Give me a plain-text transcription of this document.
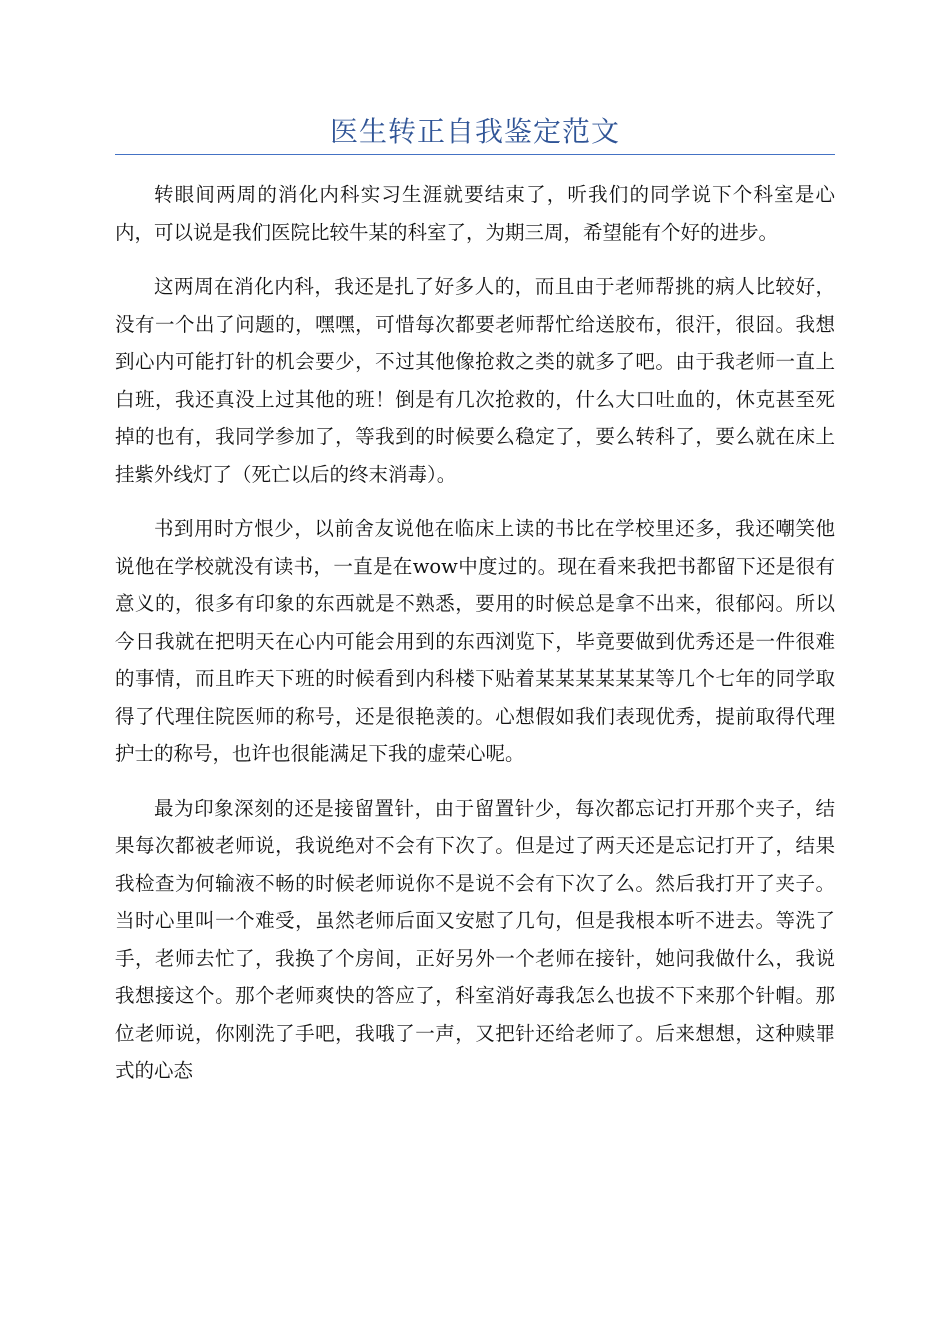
医生转正自我鉴定范文

转眼间两周的消化内科实习生涯就要结束了，听我们的同学说下个科室是心内，可以说是我们医院比较牛某的科室了，为期三周，希望能有个好的进步。

这两周在消化内科，我还是扎了好多人的，而且由于老师帮挑的病人比较好，没有一个出了问题的，嘿嘿，可惜每次都要老师帮忙给送胶布，很汗，很囧。我想到心内可能打针的机会要少，不过其他像抢救之类的就多了吧。由于我老师一直上白班，我还真没上过其他的班！倒是有几次抢救的，什么大口吐血的，休克甚至死掉的也有，我同学参加了，等我到的时候要么稳定了，要么转科了，要么就在床上挂紫外线灯了（死亡以后的终末消毒）。

书到用时方恨少，以前舍友说他在临床上读的书比在学校里还多，我还嘲笑他说他在学校就没有读书，一直是在wow中度过的。现在看来我把书都留下还是很有意义的，很多有印象的东西就是不熟悉，要用的时候总是拿不出来，很郁闷。所以今日我就在把明天在心内可能会用到的东西浏览下，毕竟要做到优秀还是一件很难的事情，而且昨天下班的时候看到内科楼下贴着某某某某某某等几个七年的同学取得了代理住院医师的称号，还是很艳羡的。心想假如我们表现优秀，提前取得代理护士的称号，也许也很能满足下我的虚荣心呢。

最为印象深刻的还是接留置针，由于留置针少，每次都忘记打开那个夹子，结果每次都被老师说，我说绝对不会有下次了。但是过了两天还是忘记打开了，结果我检查为何输液不畅的时候老师说你不是说不会有下次了么。然后我打开了夹子。当时心里叫一个难受，虽然老师后面又安慰了几句，但是我根本听不进去。等洗了手，老师去忙了，我换了个房间，正好另外一个老师在接针，她问我做什么，我说我想接这个。那个老师爽快的答应了，科室消好毒我怎么也拔不下来那个针帽。那位老师说，你刚洗了手吧，我哦了一声，又把针还给老师了。后来想想，这种赎罪式的心态
